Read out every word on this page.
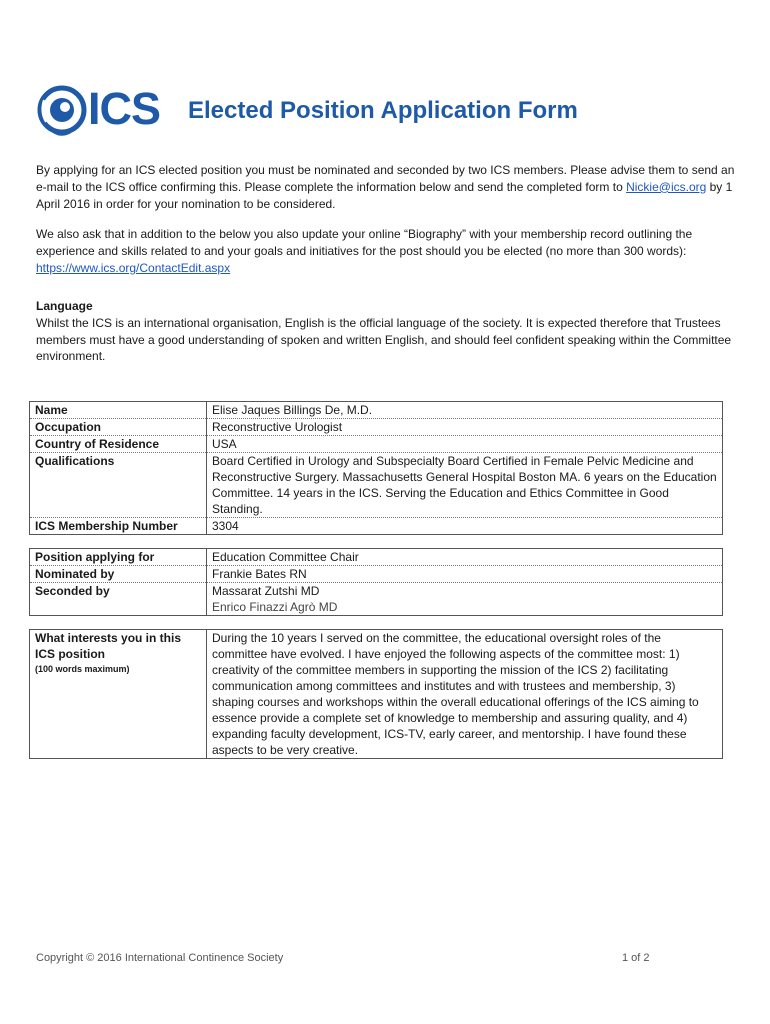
ICS Elected Position Application Form
By applying for an ICS elected position you must be nominated and seconded by two ICS members. Please advise them to send an e-mail to the ICS office confirming this. Please complete the information below and send the completed form to Nickie@ics.org by 1 April 2016 in order for your nomination to be considered.
We also ask that in addition to the below you also update your online “Biography” with your membership record outlining the experience and skills related to and your goals and initiatives for the post should you be elected (no more than 300 words): https://www.ics.org/ContactEdit.aspx
Language
Whilst the ICS is an international organisation, English is the official language of the society. It is expected therefore that Trustees members must have a good understanding of spoken and written English, and should feel confident speaking within the Committee environment.
Name	Elise Jaques Billings De, M.D.
Occupation	Reconstructive Urologist
Country of Residence	USA
Qualifications	Board Certified in Urology and Subspecialty Board Certified in Female Pelvic Medicine and Reconstructive Surgery. Massachusetts General Hospital Boston MA. 6 years on the Education Committee. 14 years in the ICS. Serving the Education and Ethics Committee in Good Standing.
ICS Membership Number	3304
Position applying for	Education Committee Chair
Nominated by	Frankie Bates RN
Seconded by	Massarat Zutshi MD
Enrico Finazzi Agrò MD
What interests you in this ICS position
(100 words maximum)
	During the 10 years I served on the committee, the educational oversight roles of the committee have evolved. I have enjoyed the following aspects of the committee most: 1) creativity of the committee members in supporting the mission of the ICS 2) facilitating communication among committees and institutes and with trustees and membership, 3) shaping courses and workshops within the overall educational offerings of the ICS aiming to essence provide a complete set of knowledge to membership and assuring quality, and 4) expanding faculty development, ICS-TV, early career, and mentorship. I have found these aspects to be very creative.
Copyright © 2016 International Continence Society	1 of 2
